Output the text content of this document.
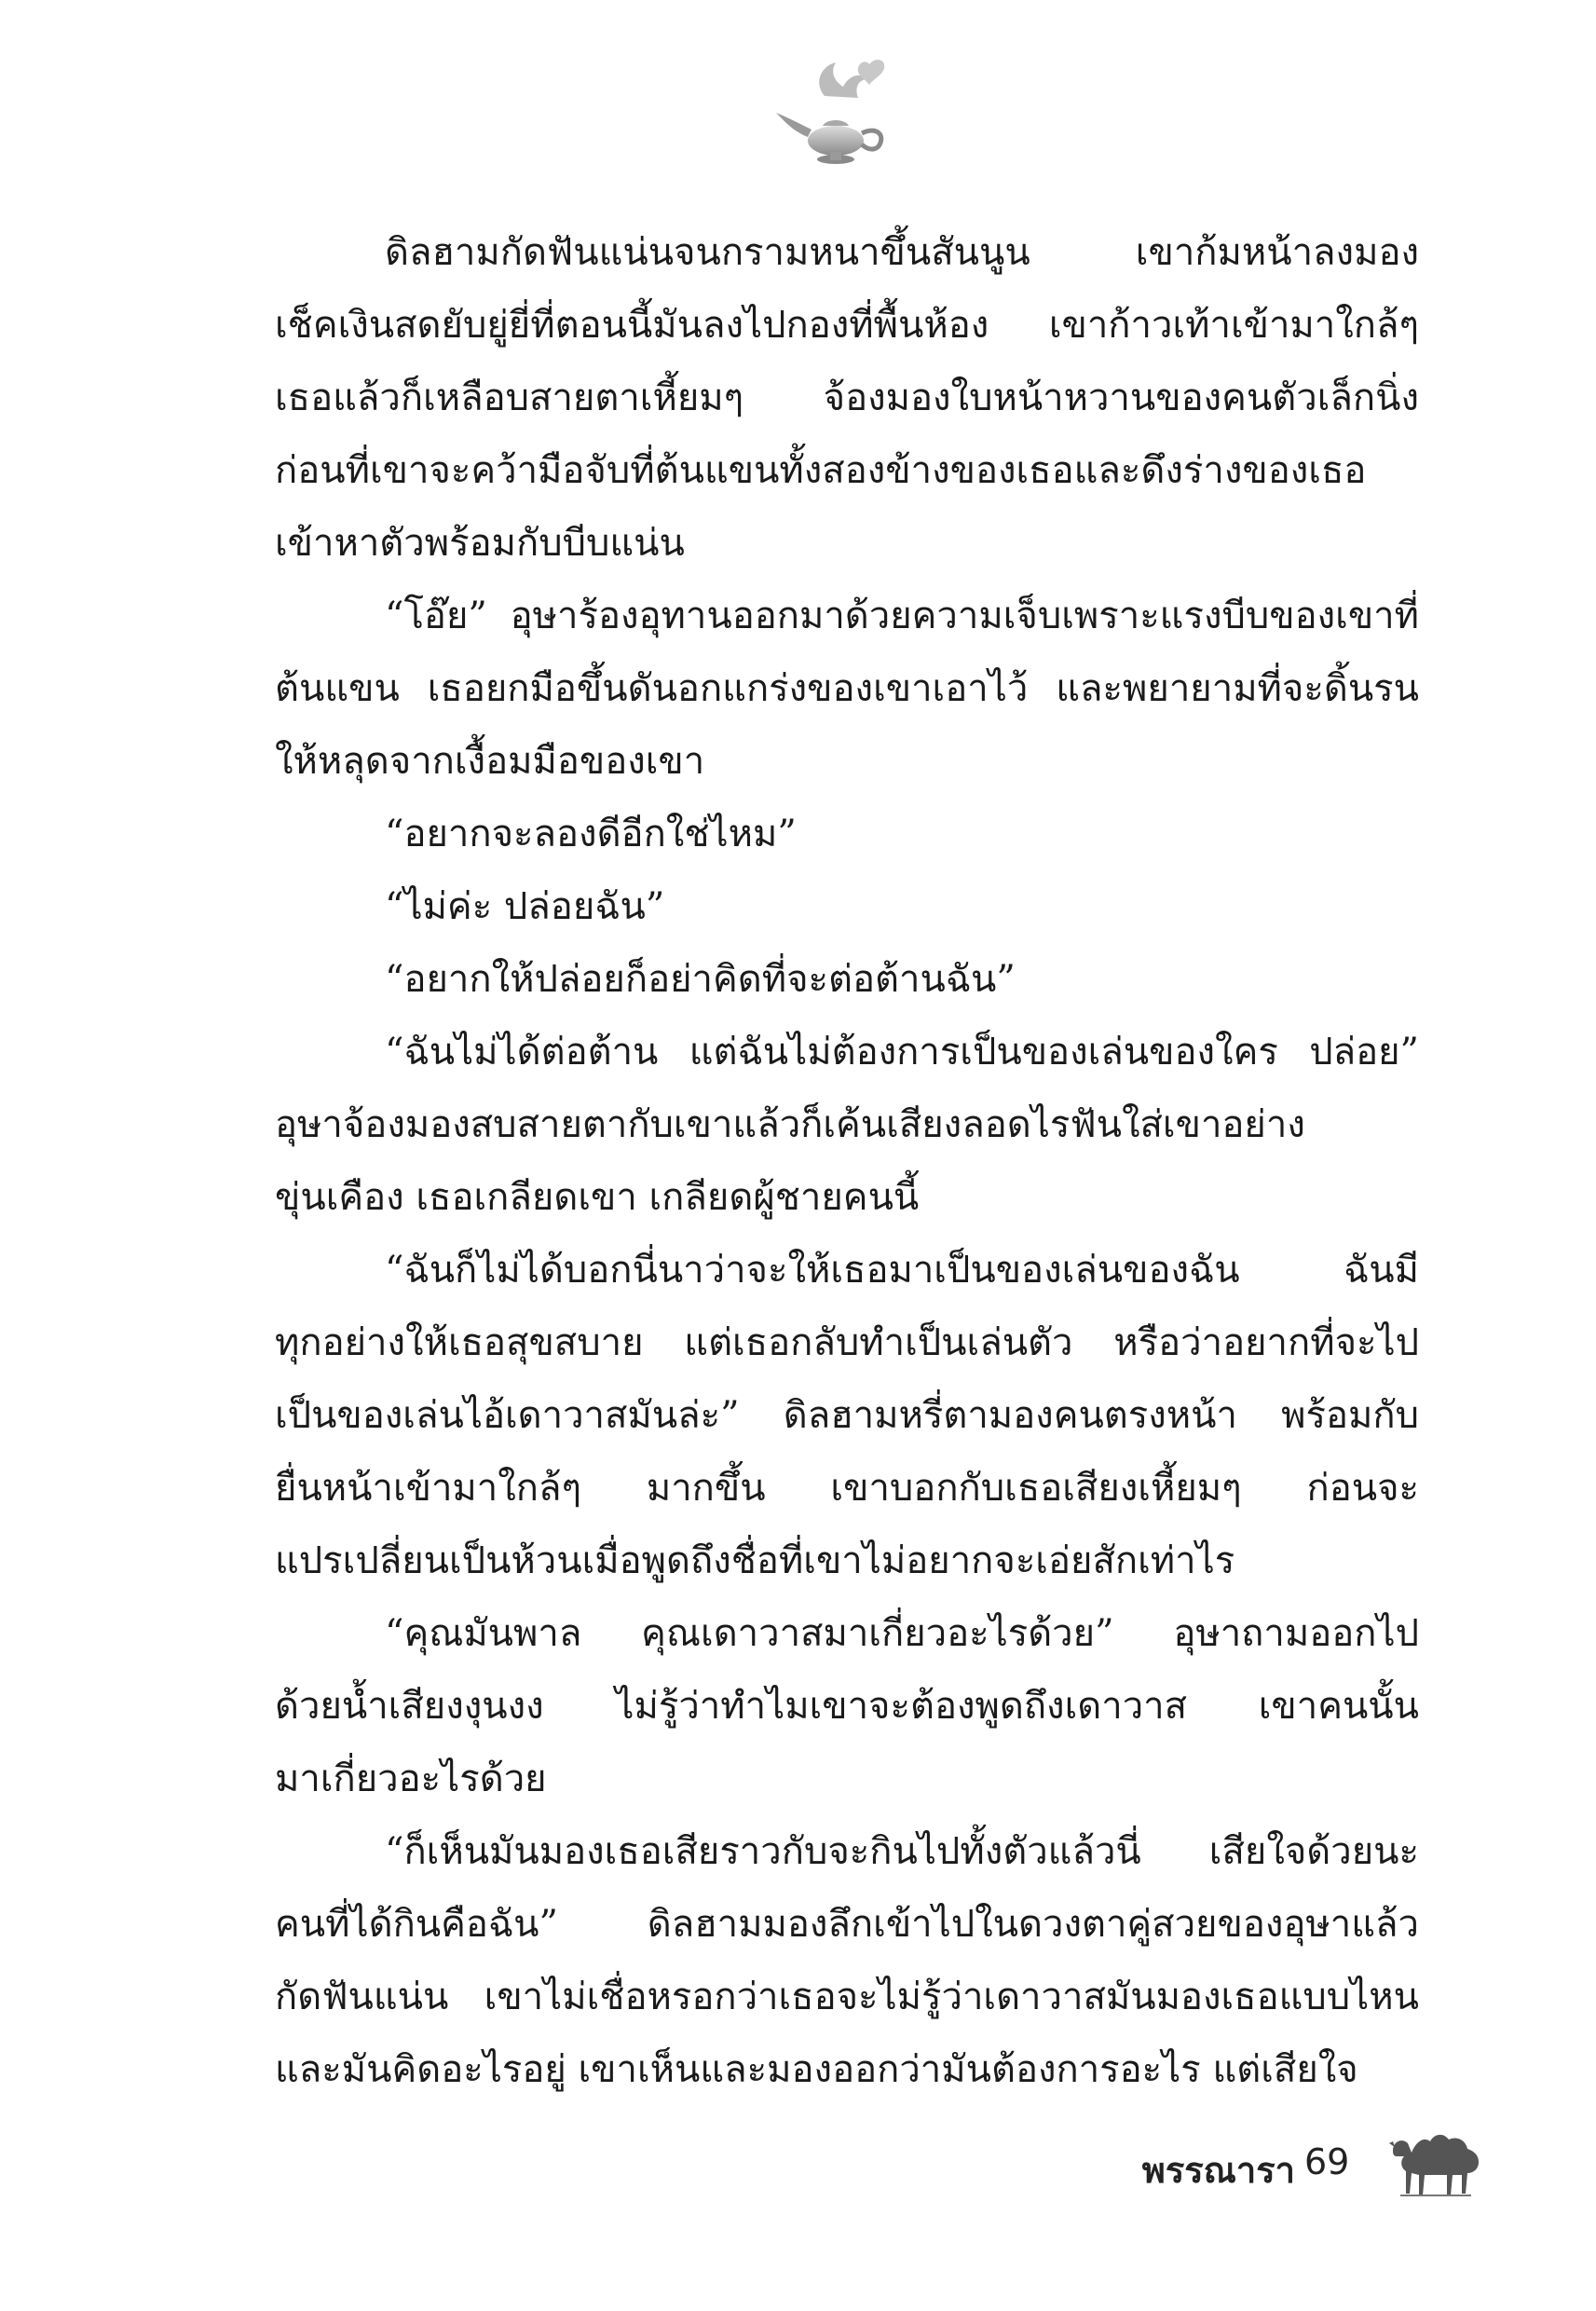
ดิลฮามกัดฟันแน่นจนกรามหนาขึ้นสันนูน เขาก้มหน้าลงมอง
เช็คเงินสดยับยู่ยี่ที่ตอนนี้มันลงไปกองที่พื้นห้อง เขาก้าวเท้าเข้ามาใกล้ๆ
เธอแล้วก็เหลือบสายตาเหี้ยมๆ จ้องมองใบหน้าหวานของคนตัวเล็กนิ่ง
ก่อนที่เขาจะคว้ามือจับที่ต้นแขนทั้งสองข้างของเธอและดึงร่างของเธอ
เข้าหาตัวพร้อมกับบีบแน่น
“โอ๊ย” อุษาร้องอุทานออกมาด้วยความเจ็บเพราะแรงบีบของเขาที่
ต้นแขน เธอยกมือขึ้นดันอกแกร่งของเขาเอาไว้ และพยายามที่จะดิ้นรน
ให้หลุดจากเงื้อมมือของเขา
“อยากจะลองดีอีกใช่ไหม”
“ไม่ค่ะ ปล่อยฉัน”
“อยากให้ปล่อยก็อย่าคิดที่จะต่อต้านฉัน”
“ฉันไม่ได้ต่อต้าน แต่ฉันไม่ต้องการเป็นของเล่นของใคร ปล่อย”
อุษาจ้องมองสบสายตากับเขาแล้วก็เค้นเสียงลอดไรฟันใส่เขาอย่าง
ขุ่นเคือง เธอเกลียดเขา เกลียดผู้ชายคนนี้
“ฉันก็ไม่ได้บอกนี่นาว่าจะให้เธอมาเป็นของเล่นของฉัน ฉันมี
ทุกอย่างให้เธอสุขสบาย แต่เธอกลับทำเป็นเล่นตัว หรือว่าอยากที่จะไป
เป็นของเล่นไอ้เดาวาสมันล่ะ” ดิลฮามหรี่ตามองคนตรงหน้า พร้อมกับ
ยื่นหน้าเข้ามาใกล้ๆ มากขึ้น เขาบอกกับเธอเสียงเหี้ยมๆ ก่อนจะ
แปรเปลี่ยนเป็นห้วนเมื่อพูดถึงชื่อที่เขาไม่อยากจะเอ่ยสักเท่าไร
“คุณมันพาล คุณเดาวาสมาเกี่ยวอะไรด้วย” อุษาถามออกไป
ด้วยน้ำเสียงงุนงง ไม่รู้ว่าทำไมเขาจะต้องพูดถึงเดาวาส เขาคนนั้น
มาเกี่ยวอะไรด้วย
“ก็เห็นมันมองเธอเสียราวกับจะกินไปทั้งตัวแล้วนี่ เสียใจด้วยนะ
คนที่ได้กินคือฉัน” ดิลฮามมองลึกเข้าไปในดวงตาคู่สวยของอุษาแล้ว
กัดฟันแน่น เขาไม่เชื่อหรอกว่าเธอจะไม่รู้ว่าเดาวาสมันมองเธอแบบไหน
และมันคิดอะไรอยู่ เขาเห็นและมองออกว่ามันต้องการอะไร แต่เสียใจ
พรรณารา 69
